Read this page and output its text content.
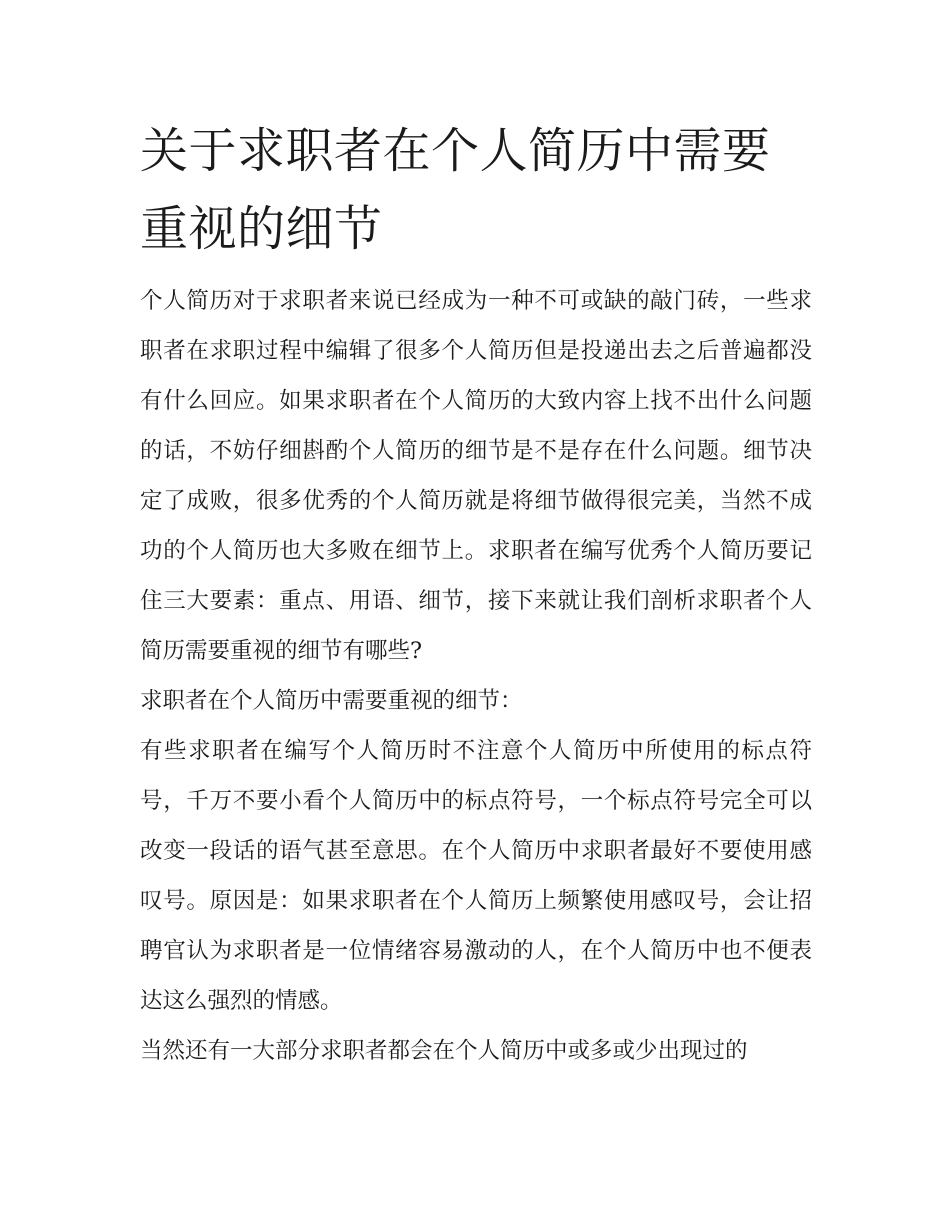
关于求职者在个人简历中需要重视的细节

个人简历对于求职者来说已经成为一种不可或缺的敲门砖，一些求职者在求职过程中编辑了很多个人简历但是投递出去之后普遍都没有什么回应。如果求职者在个人简历的大致内容上找不出什么问题的话，不妨仔细斟酌个人简历的细节是不是存在什么问题。细节决定了成败，很多优秀的个人简历就是将细节做得很完美，当然不成功的个人简历也大多败在细节上。求职者在编写优秀个人简历要记住三大要素：重点、用语、细节，接下来就让我们剖析求职者个人简历需要重视的细节有哪些?

求职者在个人简历中需要重视的细节：

有些求职者在编写个人简历时不注意个人简历中所使用的标点符号，千万不要小看个人简历中的标点符号，一个标点符号完全可以改变一段话的语气甚至意思。在个人简历中求职者最好不要使用感叹号。原因是：如果求职者在个人简历上频繁使用感叹号，会让招聘官认为求职者是一位情绪容易激动的人，在个人简历中也不便表达这么强烈的情感。

当然还有一大部分求职者都会在个人简历中或多或少出现过的
